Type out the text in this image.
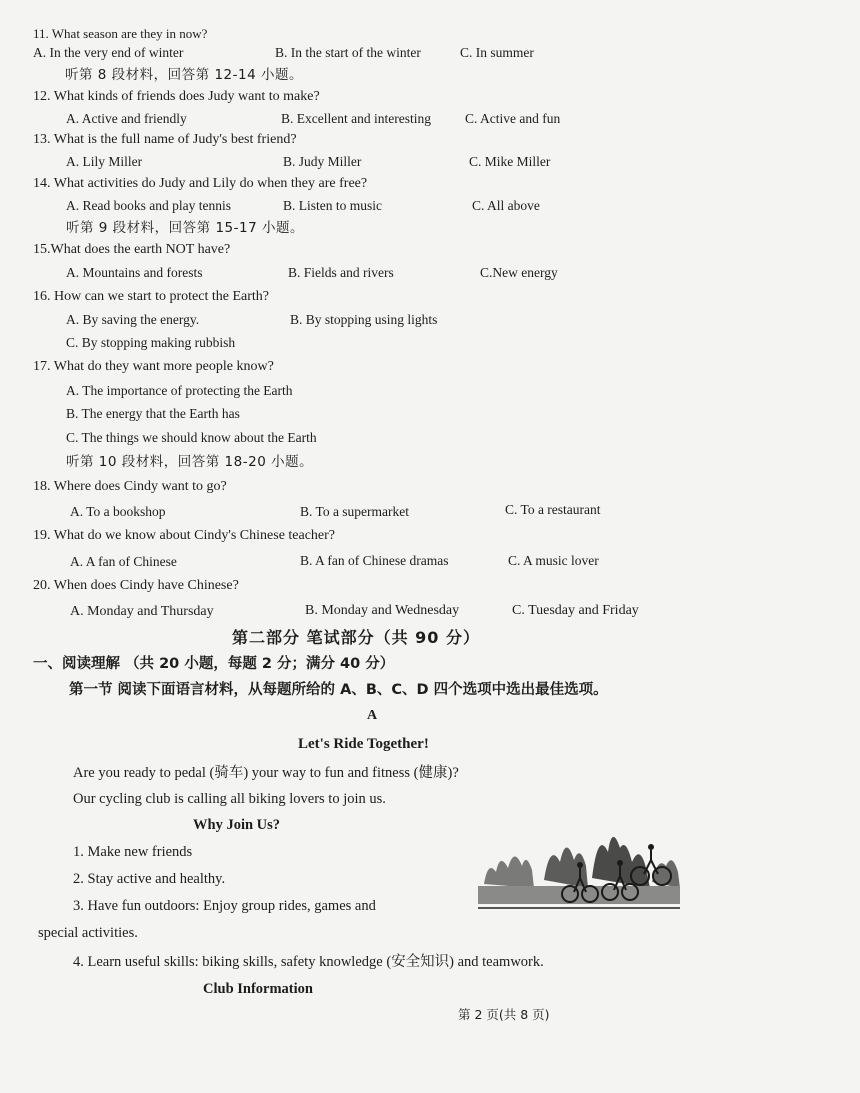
11. What season are they in now?
A. In the very end of winter	B. In the start of the winter	C. In summer
听第 8 段材料，回答第 12-14 小题。
12. What kinds of friends does Judy want to make?
A. Active and friendly	B. Excellent and interesting	C. Active and fun
13. What is the full name of Judy's best friend?
A. Lily Miller	B. Judy Miller	C. Mike Miller
14. What activities do Judy and Lily do when they are free?
A. Read books and play tennis	B. Listen to music	C. All above
听第 9 段材料，回答第 15-17 小题。
15.What does the earth NOT have?
A. Mountains and forests	B. Fields and rivers	C.New energy
16. How can we start to protect the Earth?
A. By saving the energy.	B. By stopping using lights
C. By stopping making rubbish
17. What do they want more people know?
A. The importance of protecting the Earth
B. The energy that the Earth has
C. The things we should know about the Earth
听第 10 段材料，回答第 18-20 小题。
18. Where does Cindy want to go?
A. To a bookshop	B. To a supermarket	C. To a restaurant
19. What do we know about Cindy's Chinese teacher?
A. A fan of Chinese	B. A fan of Chinese dramas	C. A music lover
20. When does Cindy have Chinese?
A. Monday and Thursday	B. Monday and Wednesday	C. Tuesday and Friday
第二部分 笔试部分（共 90 分）
一、阅读理解 （共 20 小题，每题 2 分；满分 40 分）
第一节 阅读下面语言材料，从每题所给的 A、B、C、D 四个选项中选出最佳选项。
A
Let's Ride Together!
Are you ready to pedal (骑车) your way to fun and fitness (健康)?
Our cycling club is calling all biking lovers to join us.
Why Join Us?
1. Make new friends
2. Stay active and healthy.
3. Have fun outdoors: Enjoy group rides, games and
special activities.
4. Learn useful skills: biking skills, safety knowledge (安全知识) and teamwork.
Club Information
第 2 页(共 8 页)
